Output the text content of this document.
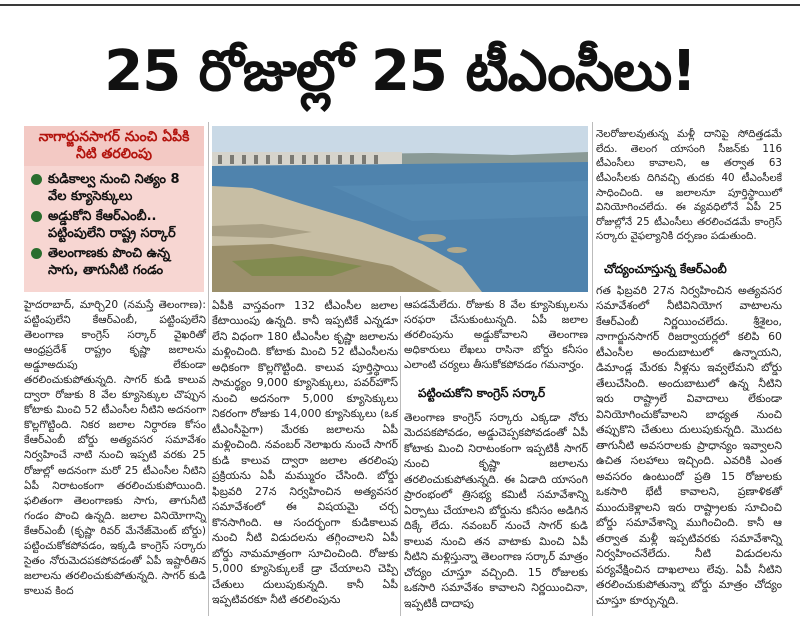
25 రోజుల్లో 25 టీఎంసీలు!
నాగార్జునసాగర్ నుంచి ఏపీకి నీటి తరలింపు
కుడికాల్వ నుంచి నిత్యం 8 వేల క్యూసెక్కులు
అడ్డుకోని కేఆర్ఎంబీ.. పట్టింపులేని రాష్ట్ర సర్కార్
తెలంగాణకు పొంచి ఉన్న సాగు, తాగునీటి గండం
హైదరాబాద్, మార్చి20 (నమస్తే తెలంగాణ): పట్టింపులేని కేఆర్ఎంబీ, పట్టింపులేని తెలంగాణ కాంగ్రెస్ సర్కార్ వైఖరితో ఆంధ్రప్రదేశ్ రాష్ట్రం కృష్ణా జలాలను అడ్డూఅదుపు లేకుండా తరలించుకుపోతున్నది. సాగర్ కుడి కాలువ ద్వారా రోజుకు 8 వేల క్యూసెక్కుల చొప్పున కోటాకు మించి 52 టీఎంసీల నీటిని అదనంగా కొల్లగొట్టింది. నికర జలాల నిర్ధారణ కోసం కేఆర్ఎంబీ బోర్డు అత్యవసర సమావేశం నిర్వహించే నాటి నుంచి ఇప్పటి వరకు 25 రోజుల్లో అదనంగా మరో 25 టీఎంసీల నీటిని ఏపీ నిరాటంకంగా తరలించుకుపోయింది. ఫలితంగా తెలంగాణకు సాగు, తాగునీటి గండం పొంచి ఉన్నది. జలాల వినియోగాన్ని కేఆర్ఎంబీ (కృష్ణా రివర్ మేనేజ్‌మెంట్ బోర్డు) పట్టించుకోకపోవడం, ఇక్కడి కాంగ్రెస్ సర్కారు సైతం నోరుమెదపకపోవడంతో ఏపీ ఇష్టారీతిన జలాలను తరలించుకుపోతున్నది. సాగర్ కుడి కాలువ కింద
ఏపీకి వాస్తవంగా 132 టీఎంసీల జలాల కేటాయింపు ఉన్నది. కానీ ఇప్పటికే ఎన్నడూ లేని విధంగా 180 టీఎంసీల కృష్ణా జలాలను మళ్లించింది. కోటాకు మించి 52 టీఎంసీలను అధికంగా కొల్లగొట్టింది. కాలువ పూర్తిస్థాయి సామర్థ్యం 9,000 క్యూసెక్కులు, పవర్‌హౌస్ నుంచి అదనంగా 5,000 క్యూసెక్కులు నికరంగా రోజుకు 14,000 క్యూసెక్కులు (ఒక టీఎంసీపైగా) మేరకు జలాలను ఏపీ మళ్లించింది. నవంబర్ నెలాఖరు నుంచే సాగర్ కుడి కాలువ ద్వారా జలాల తరలింపు ప్రక్రియను ఏపీ మమ్మురం చేసింది. బోర్డు ఫిబ్రవరి 27న నిర్వహించిన అత్యవసర సమావేశంలో ఈ విషయమై చర్చ కొనసాగింది. ఆ సందర్భంగా కుడికాలువ నుంచి నీటి విడుదలను తగ్గించాలని ఏపీ బోర్డు నామమాత్రంగా సూచించింది. రోజుకు 5,000 క్యూసెక్కులకే డ్రా చేయాలని చెప్పి చేతులు దులుపుకున్నది. కానీ ఏపీ ఇప్పటివరకూ నీటి తరలింపును
ఆపడమేలేదు. రోజుకు 8 వేల క్యూసెక్కులను సరఫరా చేసుకుంటున్నది. ఏపీ జలాల తరలింపును అడ్డుకోవాలని తెలంగాణ అధికారులు లేఖలు రాసినా బోర్డు కనీసం ఎలాంటి చర్యలు తీసుకోకపోవడం గమనార్హం.
పట్టించుకోని కాంగ్రెస్ సర్కార్
తెలంగాణ కాంగ్రెస్ సర్కారు ఎక్కడా నోరు మెదపకపోవడం, అడ్డుచెప్పకపోవడంతో ఏపీ కోటాకు మించి నిరాటంకంగా ఇప్పటికీ సాగర్ నుంచి కృష్ణా జలాలను తరలించుకుపోతున్నది. ఈ ఏడాది యాసంగి ప్రారంభంలో త్రిసభ్య కమిటీ సమావేశాన్ని ఏర్పాటు చేయాలని బోర్డును కనీసం అడిగిన దిక్కే లేదు. నవంబర్ నుంచే సాగర్ కుడి కాలువ నుంచి తన వాటాకు మించి ఏపీ నీటిని మళ్లిస్తున్నా తెలంగాణ సర్కార్ మాత్రం చోద్యం చూస్తూ వచ్చింది. 15 రోజులకు ఒకసారి సమావేశం కావాలని నిర్ణయించినా, ఇప్పటికీ దాదాపు
నెలరోజులవుతున్న మళ్లీ దానిపై సోదిత్తడమే లేదు. తెలంగ యాసంగి సీజన్‌కు 116 టీఎంసీలు కావాలని, ఆ తర్వాత 63 టీఎంసీలకు దిగివచ్చి తుదకు 40 టీఎంసీలకే సాధించింది. ఆ జలాలనూ పూర్తిస్థాయిలో వినియోగించలేదు. ఈ వ్యవధిలోనే ఏపీ 25 రోజుల్లోనే 25 టీఎంసీలు తరలించడమే కాంగ్రెస్ సర్కారు వైఫల్యానికి దర్పణం పడుతుంది.
చోద్యంచూస్తున్న కేఆర్ఎంబీ
గత ఫిబ్రవరి 27న నిర్వహించిన అత్యవసర సమావేశంలో నీటివినియోగ వాటాలను కేఆర్ఎంబీ నిర్ణయించలేదు. శ్రీశైలం, నాగార్జునసాగర్ రిజర్వాయర్లలో కలిపి 60 టీఎంసీల అందుబాటులో ఉన్నాయని, డిమాండ్ల మేరకు నీళ్లను ఇవ్వలేమని బోర్డు తేలుచేసింది. అందుబాటులో ఉన్న నీటిని ఇరు రాష్ట్రాలే వివాదాలు లేకుండా వినియోగించుకోవాలని బాధ్యత నుంచి తప్పుకొని చేతులు దులుపుకున్నది. మొదట తాగునీటి అవసరాలకు ప్రాధాన్యం ఇవ్వాలని ఉచిత సలహాలు ఇచ్చింది. ఎవరికి ఎంత అవసరం ఉంటుందో ప్రతి 15 రోజులకు ఒకసారి భేటీ కావాలని, ప్రణాళికతో ముందుకెళ్లాలని ఇరు రాష్ట్రాలకు సూచించి బోర్డు సమావేశాన్ని ముగించింది. కానీ ఆ తర్వాత మళ్లీ ఇప్పటివరకు సమావేశాన్ని నిర్వహించనేలేదు. నీటి విడుదలను పర్యవేక్షించిన దాఖలాలు లేవు. ఏపీ నీటిని తరలించుకుపోతున్నా బోర్డు మాత్రం చోద్యం చూస్తూ కూర్చున్నది.
